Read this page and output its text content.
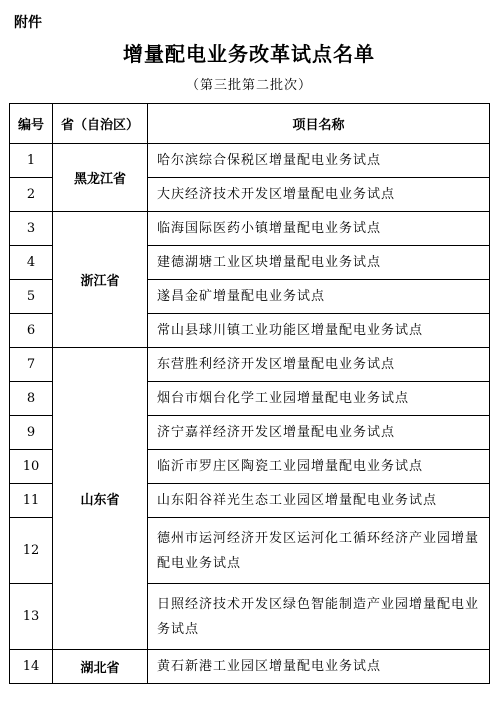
附件
增量配电业务改革试点名单
（第三批第二批次）
编号	省（自治区）	项目名称
1	黑龙江省	哈尔滨综合保税区增量配电业务试点
2		大庆经济技术开发区增量配电业务试点
3	浙江省	临海国际医药小镇增量配电业务试点
4		建德湖塘工业区块增量配电业务试点
5		遂昌金矿增量配电业务试点
6		常山县球川镇工业功能区增量配电业务试点
7	山东省	东营胜利经济开发区增量配电业务试点
8		烟台市烟台化学工业园增量配电业务试点
9		济宁嘉祥经济开发区增量配电业务试点
10		临沂市罗庄区陶瓷工业园增量配电业务试点
11		山东阳谷祥光生态工业园区增量配电业务试点
12		德州市运河经济开发区运河化工循环经济产业园增量配电业务试点
13		日照经济技术开发区绿色智能制造产业园增量配电业务试点
14	湖北省	黄石新港工业园区增量配电业务试点
